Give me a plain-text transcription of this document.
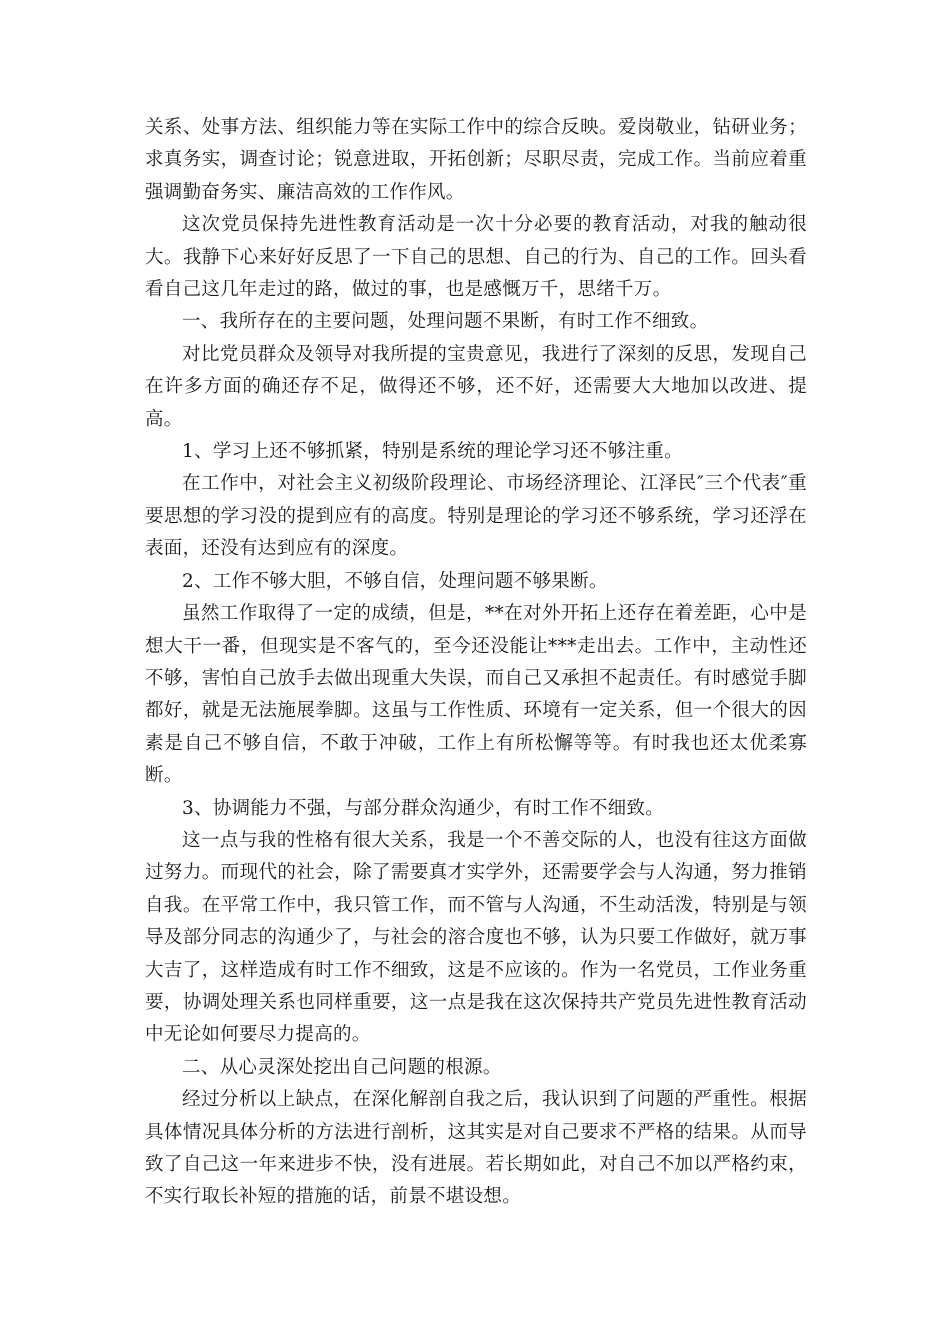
关系、处事方法、组织能力等在实际工作中的综合反映。爱岗敬业，钻研业务；求真务实，调查讨论；锐意进取，开拓创新；尽职尽责，完成工作。当前应着重强调勤奋务实、廉洁高效的工作作风。

这次党员保持先进性教育活动是一次十分必要的教育活动，对我的触动很大。我静下心来好好反思了一下自己的思想、自己的行为、自己的工作。回头看看自己这几年走过的路，做过的事，也是感慨万千，思绪千万。

一、我所存在的主要问题，处理问题不果断，有时工作不细致。

对比党员群众及领导对我所提的宝贵意见，我进行了深刻的反思，发现自己在许多方面的确还存不足，做得还不够，还不好，还需要大大地加以改进、提高。

1、学习上还不够抓紧，特别是系统的理论学习还不够注重。

在工作中，对社会主义初级阶段理论、市场经济理论、江泽民″三个代表″重要思想的学习没的提到应有的高度。特别是理论的学习还不够系统，学习还浮在表面，还没有达到应有的深度。

2、工作不够大胆，不够自信，处理问题不够果断。

虽然工作取得了一定的成绩，但是，**在对外开拓上还存在着差距，心中是想大干一番，但现实是不客气的，至今还没能让***走出去。工作中，主动性还不够，害怕自己放手去做出现重大失误，而自己又承担不起责任。有时感觉手脚都好，就是无法施展拳脚。这虽与工作性质、环境有一定关系，但一个很大的因素是自己不够自信，不敢于冲破，工作上有所松懈等等。有时我也还太优柔寡断。

3、协调能力不强，与部分群众沟通少，有时工作不细致。

这一点与我的性格有很大关系，我是一个不善交际的人，也没有往这方面做过努力。而现代的社会，除了需要真才实学外，还需要学会与人沟通，努力推销自我。在平常工作中，我只管工作，而不管与人沟通，不生动活泼，特别是与领导及部分同志的沟通少了，与社会的溶合度也不够，认为只要工作做好，就万事大吉了，这样造成有时工作不细致，这是不应该的。作为一名党员，工作业务重要，协调处理关系也同样重要，这一点是我在这次保持共产党员先进性教育活动中无论如何要尽力提高的。

二、从心灵深处挖出自己问题的根源。

经过分析以上缺点，在深化解剖自我之后，我认识到了问题的严重性。根据具体情况具体分析的方法进行剖析，这其实是对自己要求不严格的结果。从而导致了自己这一年来进步不快，没有进展。若长期如此，对自己不加以严格约束，不实行取长补短的措施的话，前景不堪设想。
